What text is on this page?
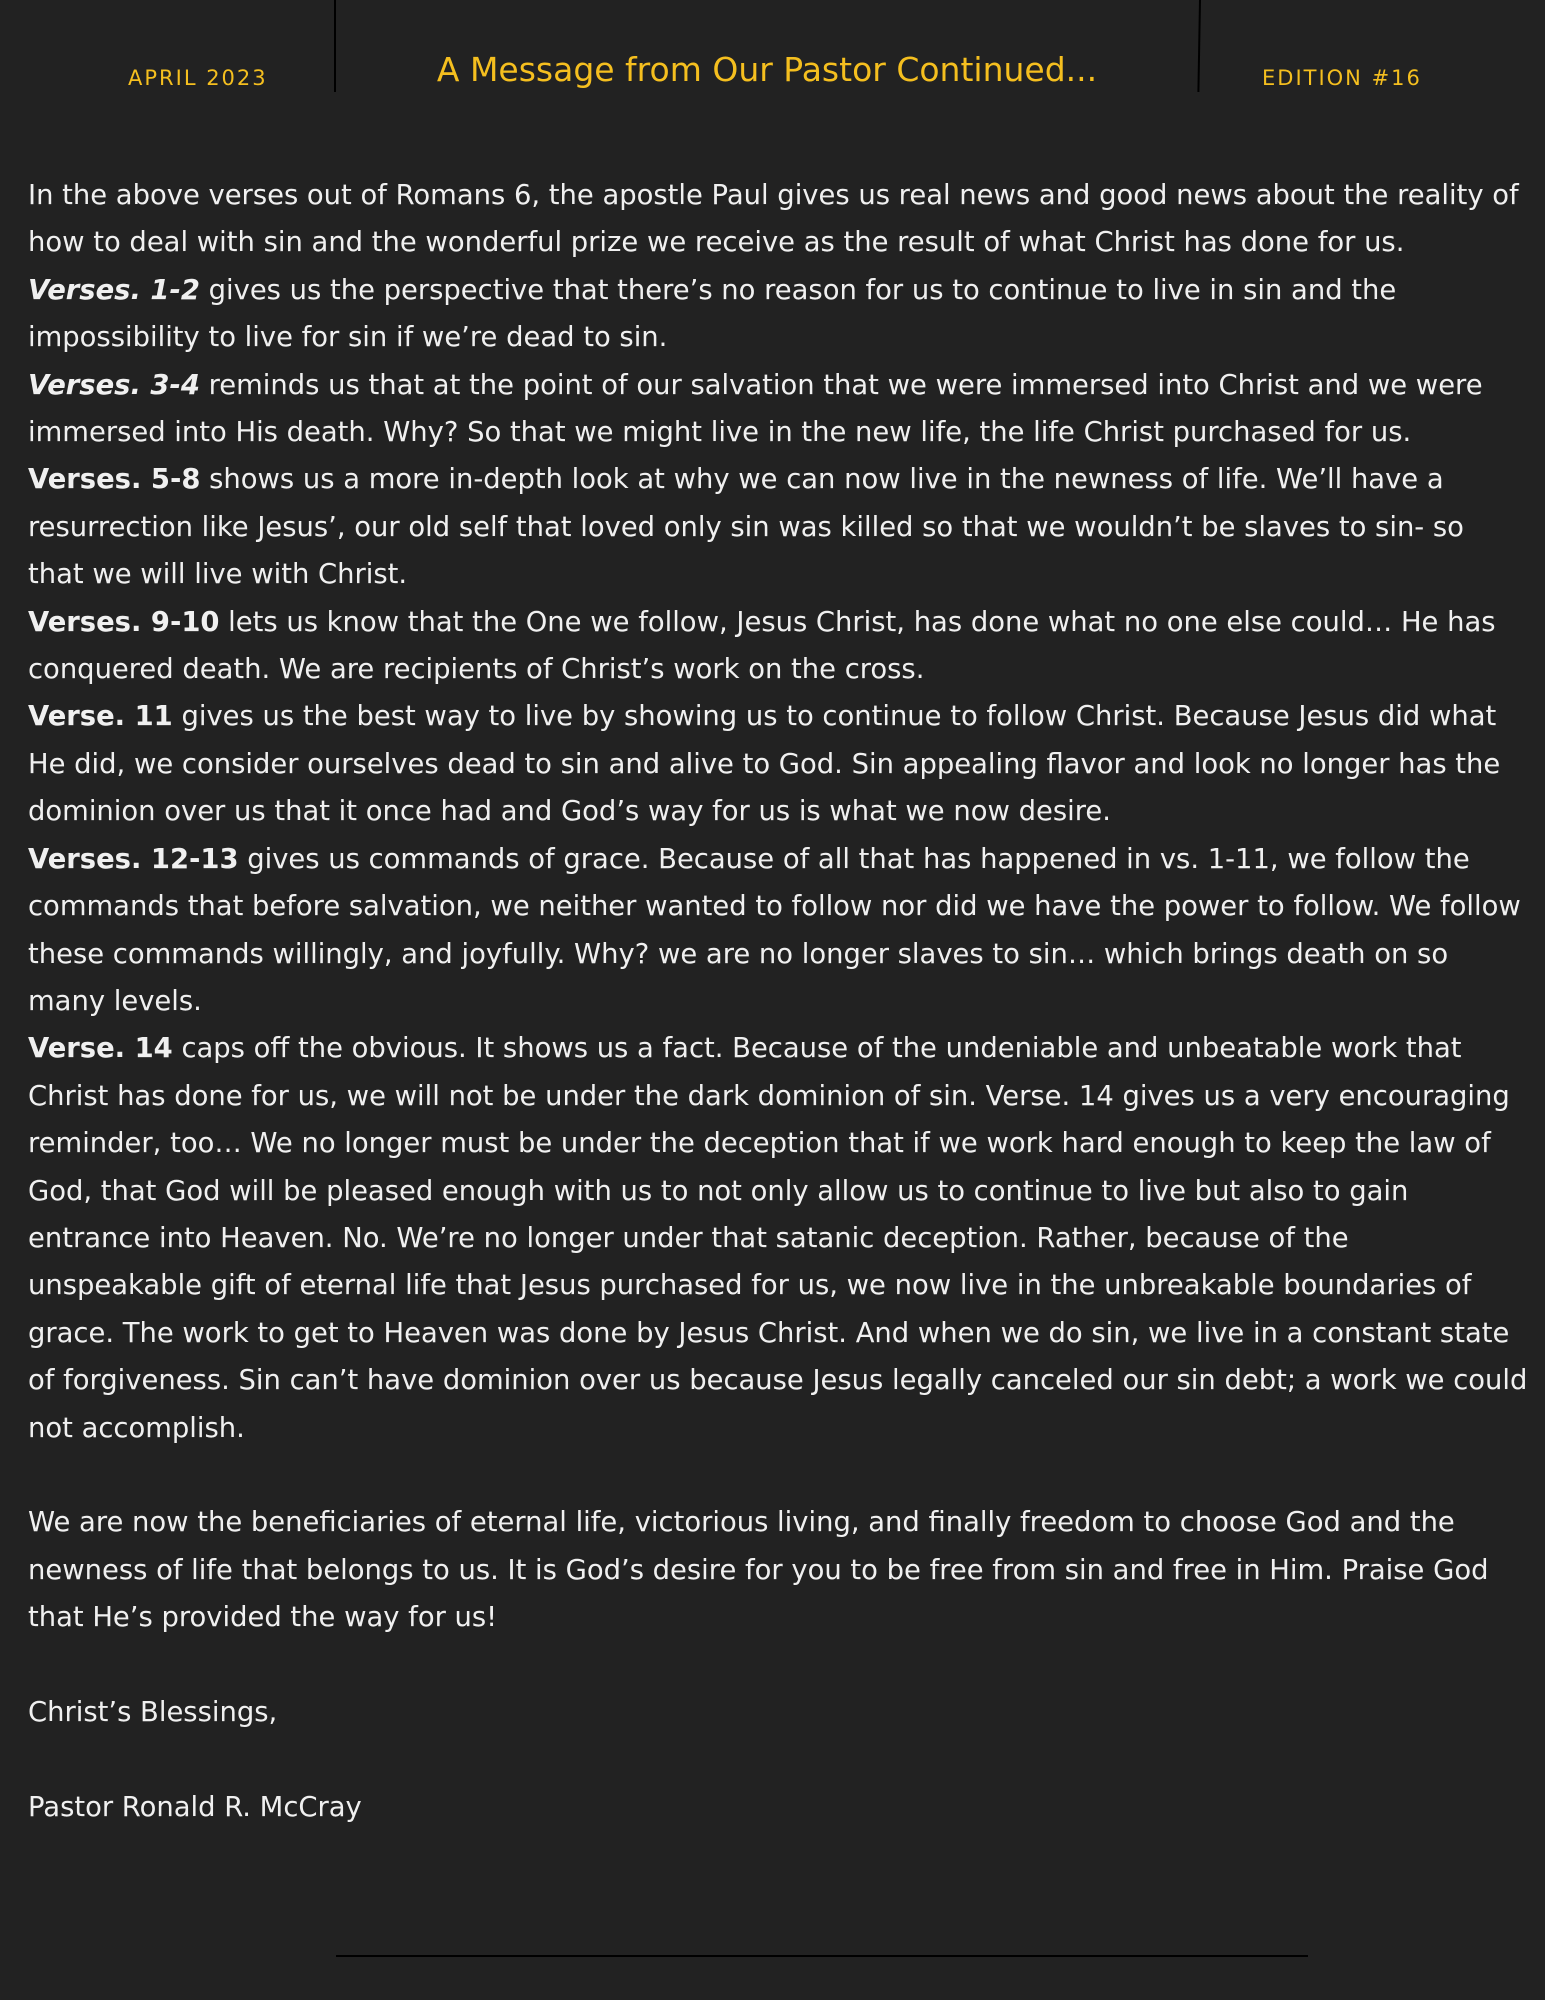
APRIL 2023	A Message from Our Pastor Continued...	EDITION #16

In the above verses out of Romans 6, the apostle Paul gives us real news and good news about the reality of how to deal with sin and the wonderful prize we receive as the result of what Christ has done for us.

Verses. 1-2 gives us the perspective that there’s no reason for us to continue to live in sin and the impossibility to live for sin if we’re dead to sin.

Verses. 3-4 reminds us that at the point of our salvation that we were immersed into Christ and we were immersed into His death. Why? So that we might live in the new life, the life Christ purchased for us.

Verses. 5-8 shows us a more in-depth look at why we can now live in the newness of life. We’ll have a resurrection like Jesus’, our old self that loved only sin was killed so that we wouldn’t be slaves to sin- so that we will live with Christ.

Verses. 9-10 lets us know that the One we follow, Jesus Christ, has done what no one else could… He has conquered death. We are recipients of Christ’s work on the cross.

Verse. 11 gives us the best way to live by showing us to continue to follow Christ. Because Jesus did what He did, we consider ourselves dead to sin and alive to God. Sin appealing flavor and look no longer has the dominion over us that it once had and God’s way for us is what we now desire.

Verses. 12-13 gives us commands of grace. Because of all that has happened in vs. 1-11, we follow the commands that before salvation, we neither wanted to follow nor did we have the power to follow. We follow these commands willingly, and joyfully. Why? we are no longer slaves to sin… which brings death on so many levels.

Verse. 14 caps off the obvious. It shows us a fact. Because of the undeniable and unbeatable work that Christ has done for us, we will not be under the dark dominion of sin. Verse. 14 gives us a very encouraging reminder, too… We no longer must be under the deception that if we work hard enough to keep the law of God, that God will be pleased enough with us to not only allow us to continue to live but also to gain entrance into Heaven. No. We’re no longer under that satanic deception. Rather, because of the unspeakable gift of eternal life that Jesus purchased for us, we now live in the unbreakable boundaries of grace. The work to get to Heaven was done by Jesus Christ. And when we do sin, we live in a constant state of forgiveness. Sin can’t have dominion over us because Jesus legally canceled our sin debt; a work we could not accomplish.

We are now the beneficiaries of eternal life, victorious living, and finally freedom to choose God and the newness of life that belongs to us. It is God’s desire for you to be free from sin and free in Him. Praise God that He’s provided the way for us!

Christ’s Blessings,

Pastor Ronald R. McCray
